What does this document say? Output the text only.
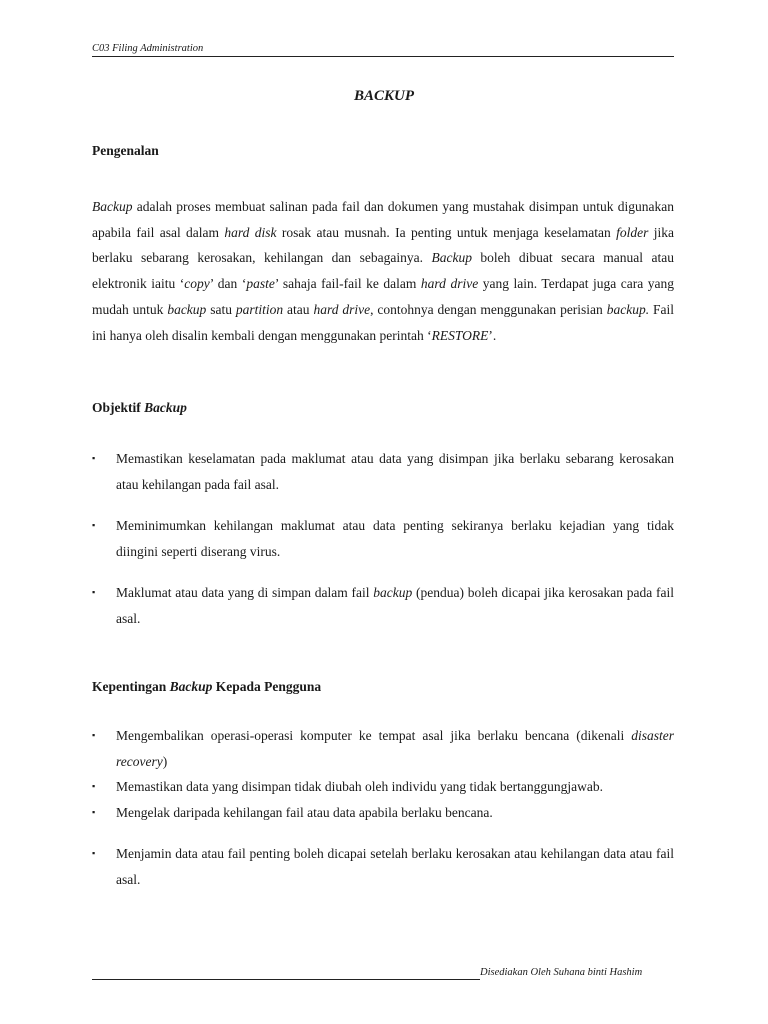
C03 Filing Administration
BACKUP
Pengenalan
Backup adalah proses membuat salinan pada fail dan dokumen yang mustahak disimpan untuk digunakan apabila fail asal dalam hard disk rosak atau musnah. Ia penting untuk menjaga keselamatan folder jika berlaku sebarang kerosakan, kehilangan dan sebagainya. Backup boleh dibuat secara manual atau elektronik iaitu ‘copy’ dan ‘paste’ sahaja fail-fail ke dalam hard drive yang lain. Terdapat juga cara yang mudah untuk backup satu partition atau hard drive, contohnya dengan menggunakan perisian backup. Fail ini hanya oleh disalin kembali dengan menggunakan perintah ‘RESTORE’.
Objektif Backup
▪ Memastikan keselamatan pada maklumat atau data yang disimpan jika berlaku sebarang kerosakan atau kehilangan pada fail asal.
▪ Meminimumkan kehilangan maklumat atau data penting sekiranya berlaku kejadian yang tidak diingini seperti diserang virus.
▪ Maklumat atau data yang di simpan dalam fail backup (pendua) boleh dicapai jika kerosakan pada fail asal.
Kepentingan Backup Kepada Pengguna
▪ Mengembalikan operasi-operasi komputer ke tempat asal jika berlaku bencana (dikenali disaster recovery)
▪ Memastikan data yang disimpan tidak diubah oleh individu yang tidak bertanggungjawab.
▪ Mengelak daripada kehilangan fail atau data apabila berlaku bencana.
▪ Menjamin data atau fail penting boleh dicapai setelah berlaku kerosakan atau kehilangan data atau fail asal.
Disediakan Oleh Suhana binti Hashim
